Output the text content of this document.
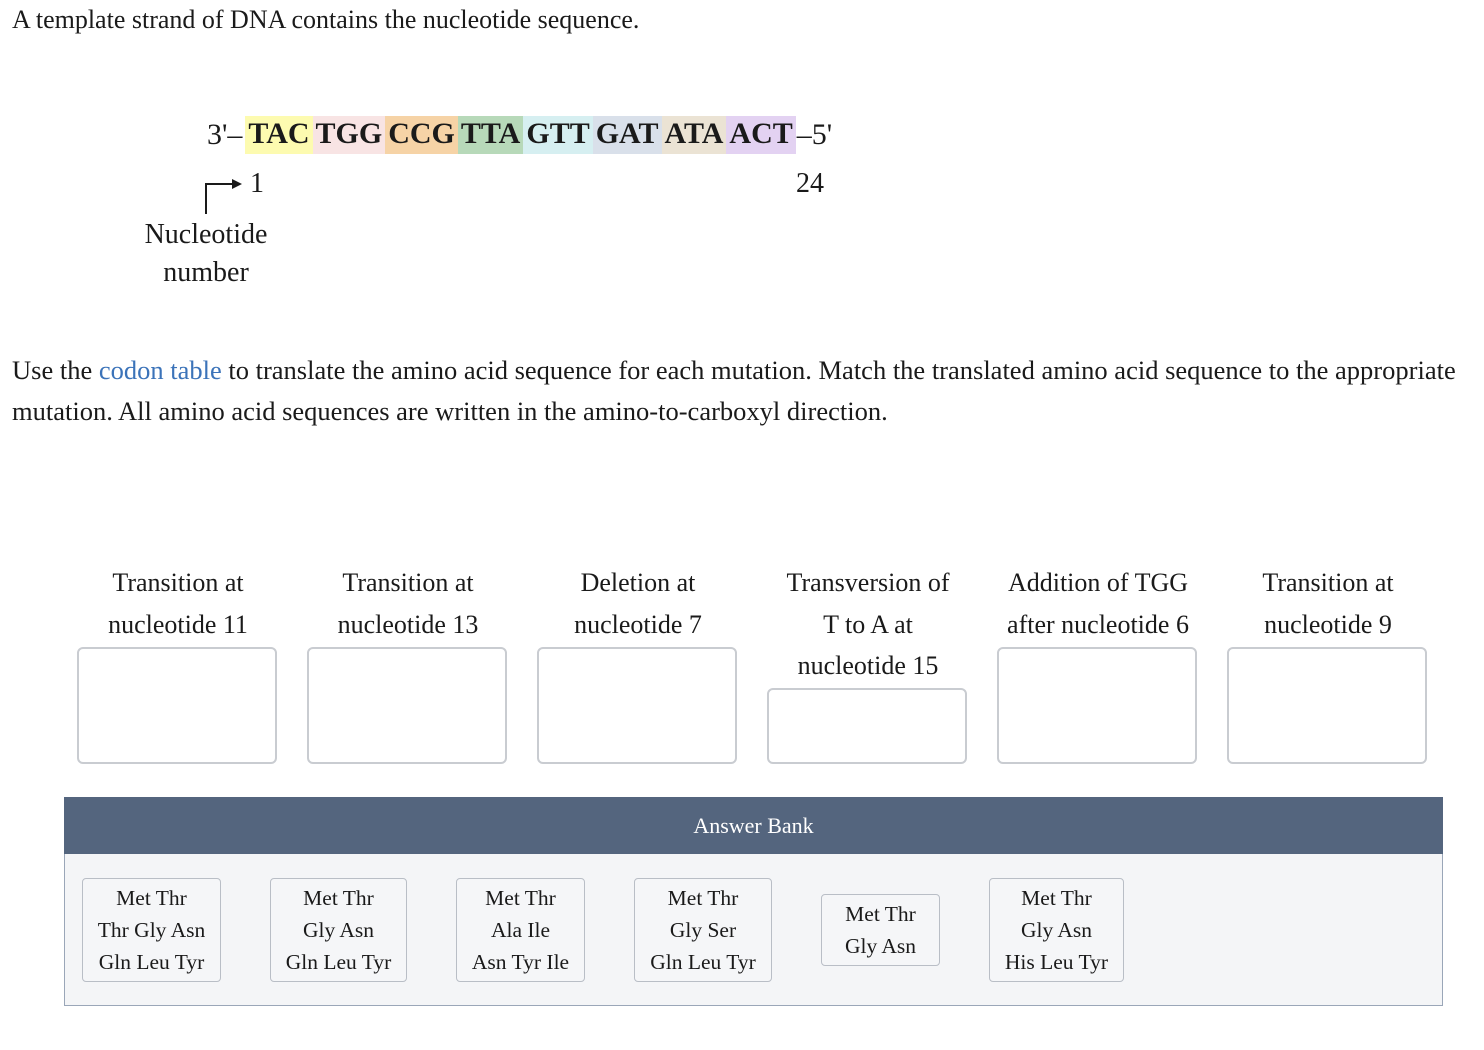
A template strand of DNA contains the nucleotide sequence.
3'– TAC TGG CCG TTA GTT GAT ATA ACT –5'
1	24
Nucleotide
number
Use the codon table to translate the amino acid sequence for each mutation. Match the translated amino acid sequence to the appropriate mutation. All amino acid sequences are written in the amino-to-carboxyl direction.
Transition at
nucleotide 11
Transition at
nucleotide 13
Deletion at
nucleotide 7
Transversion of
T to A at
nucleotide 15
Addition of TGG
after nucleotide 6
Transition at
nucleotide 9
Answer Bank
Met Thr
Thr Gly Asn
Gln Leu Tyr
Met Thr
Gly Asn
Gln Leu Tyr
Met Thr
Ala Ile
Asn Tyr Ile
Met Thr
Gly Ser
Gln Leu Tyr
Met Thr
Gly Asn
Met Thr
Gly Asn
His Leu Tyr
